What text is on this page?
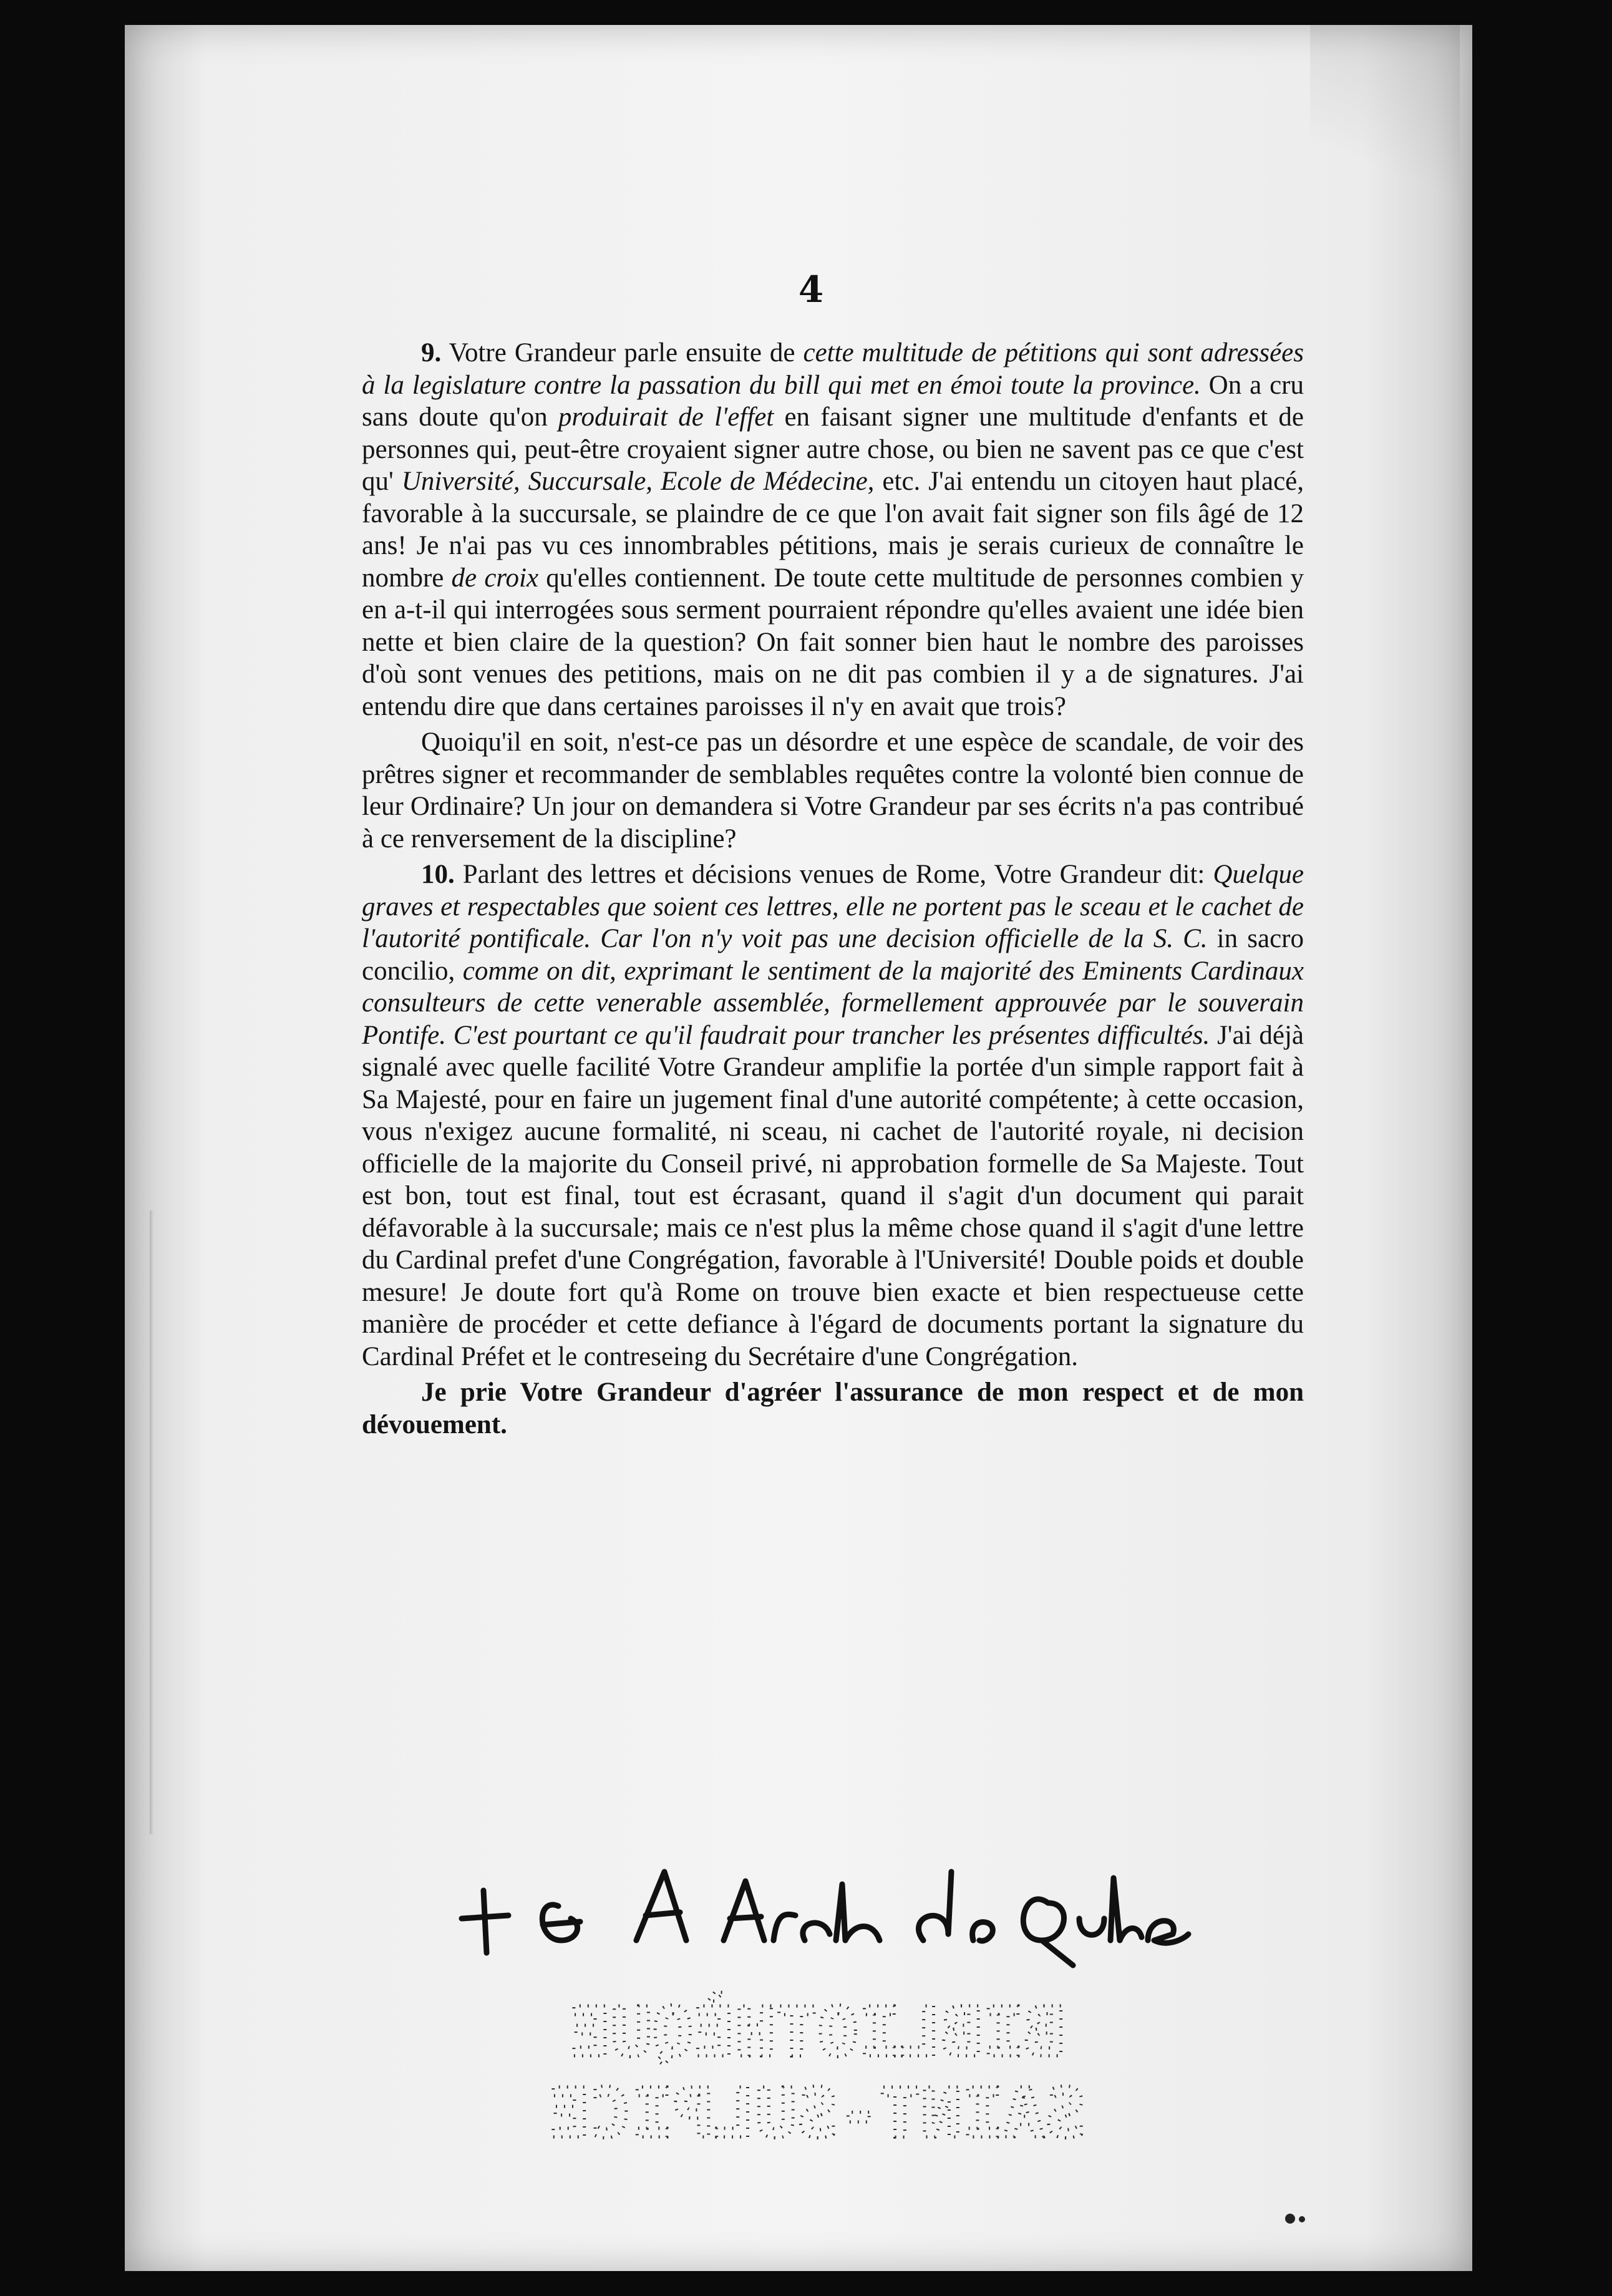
4

9. Votre Grandeur parle ensuite de cette multitude de pétitions qui sont adressées à la legislature contre la passation du bill qui met en émoi toute la province. On a cru sans doute qu'on produirait de l'effet en faisant signer une multitude d'enfants et de personnes qui, peut-être croyaient signer autre chose, ou bien ne savent pas ce que c'est qu' Université, Succursale, Ecole de Médecine, etc. J'ai entendu un citoyen haut placé, favorable à la succursale, se plaindre de ce que l'on avait fait signer son fils âgé de 12 ans! Je n'ai pas vu ces innombrables pétitions, mais je serais curieux de connaître le nombre de croix qu'elles contiennent. De toute cette multitude de personnes combien y en a-t-il qui interrogées sous serment pourraient répondre qu'elles avaient une idée bien nette et bien claire de la question? On fait sonner bien haut le nombre des paroisses d'où sont venues des petitions, mais on ne dit pas combien il y a de signatures. J'ai entendu dire que dans certaines paroisses il n'y en avait que trois?

Quoiqu'il en soit, n'est-ce pas un désordre et une espèce de scandale, de voir des prêtres signer et recommander de semblables requêtes contre la volonté bien connue de leur Ordinaire? Un jour on demandera si Votre Grandeur par ses écrits n'a pas contribué à ce renversement de la discipline?

10. Parlant des lettres et décisions venues de Rome, Votre Grandeur dit: Quelque graves et respectables que soient ces lettres, elle ne portent pas le sceau et le cachet de l'autorité pontificale. Car l'on n'y voit pas une decision officielle de la S. C. in sacro concilio, comme on dit, exprimant le sentiment de la majorité des Eminents Cardinaux consulteurs de cette venerable assemblée, formellement approuvée par le souverain Pontife. C'est pourtant ce qu'il faudrait pour trancher les présentes difficultés. J'ai déjà signalé avec quelle facilité Votre Grandeur amplifie la portée d'un simple rapport fait à Sa Majesté, pour en faire un jugement final d'une autorité compétente; à cette occasion, vous n'exigez aucune formalité, ni sceau, ni cachet de l'autorité royale, ni decision officielle de la majorite du Conseil privé, ni approbation formelle de Sa Majeste. Tout est bon, tout est final, tout est écrasant, quand il s'agit d'un document qui parait défavorable à la succursale; mais ce n'est plus la même chose quand il s'agit d'une lettre du Cardinal prefet d'une Congrégation, favorable à l'Université! Double poids et double mesure! Je doute fort qu'à Rome on trouve bien exacte et bien respectueuse cette manière de procéder et cette defiance à l'égard de documents portant la signature du Cardinal Préfet et le contreseing du Secrétaire d'une Congrégation.

Je prie Votre Grandeur d'agréer l'assurance de mon respect et de mon dévouement.

BIBLIOTHÈQUE
SAINT-SULPICE
